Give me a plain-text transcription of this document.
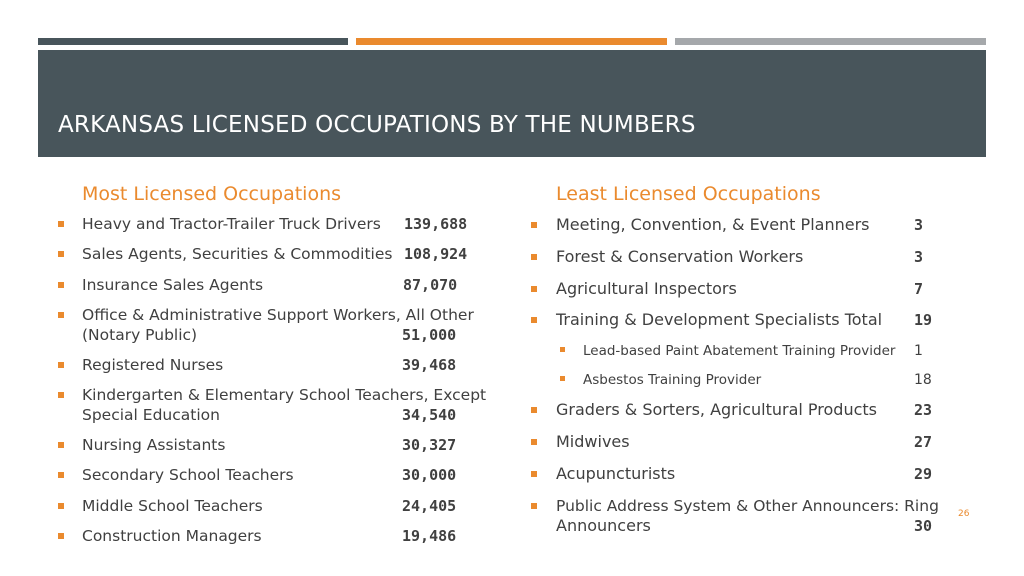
ARKANSAS LICENSED OCCUPATIONS BY THE NUMBERS
Most Licensed Occupations
Heavy and Tractor-Trailer Truck Drivers 139,688
Sales Agents, Securities & Commodities 108,924
Insurance Sales Agents	87,070
Office & Administrative Support Workers, All Other
(Notary Public)	51,000
Registered Nurses	39,468
Kindergarten & Elementary School Teachers, Except
Special Education	34,540
Nursing Assistants	30,327
Secondary School Teachers	30,000
Middle School Teachers	24,405
Construction Managers	19,486
Least Licensed Occupations
Meeting, Convention, & Event Planners	3
Forest & Conservation Workers	3
Agricultural Inspectors	7
Training & Development Specialists Total 19
Lead-based Paint Abatement Training Provider 1
Asbestos Training Provider	18
Graders & Sorters, Agricultural Products 23
Midwives	27
Acupuncturists	29
Public Address System & Other Announcers: Ring
Announcers	30
26
